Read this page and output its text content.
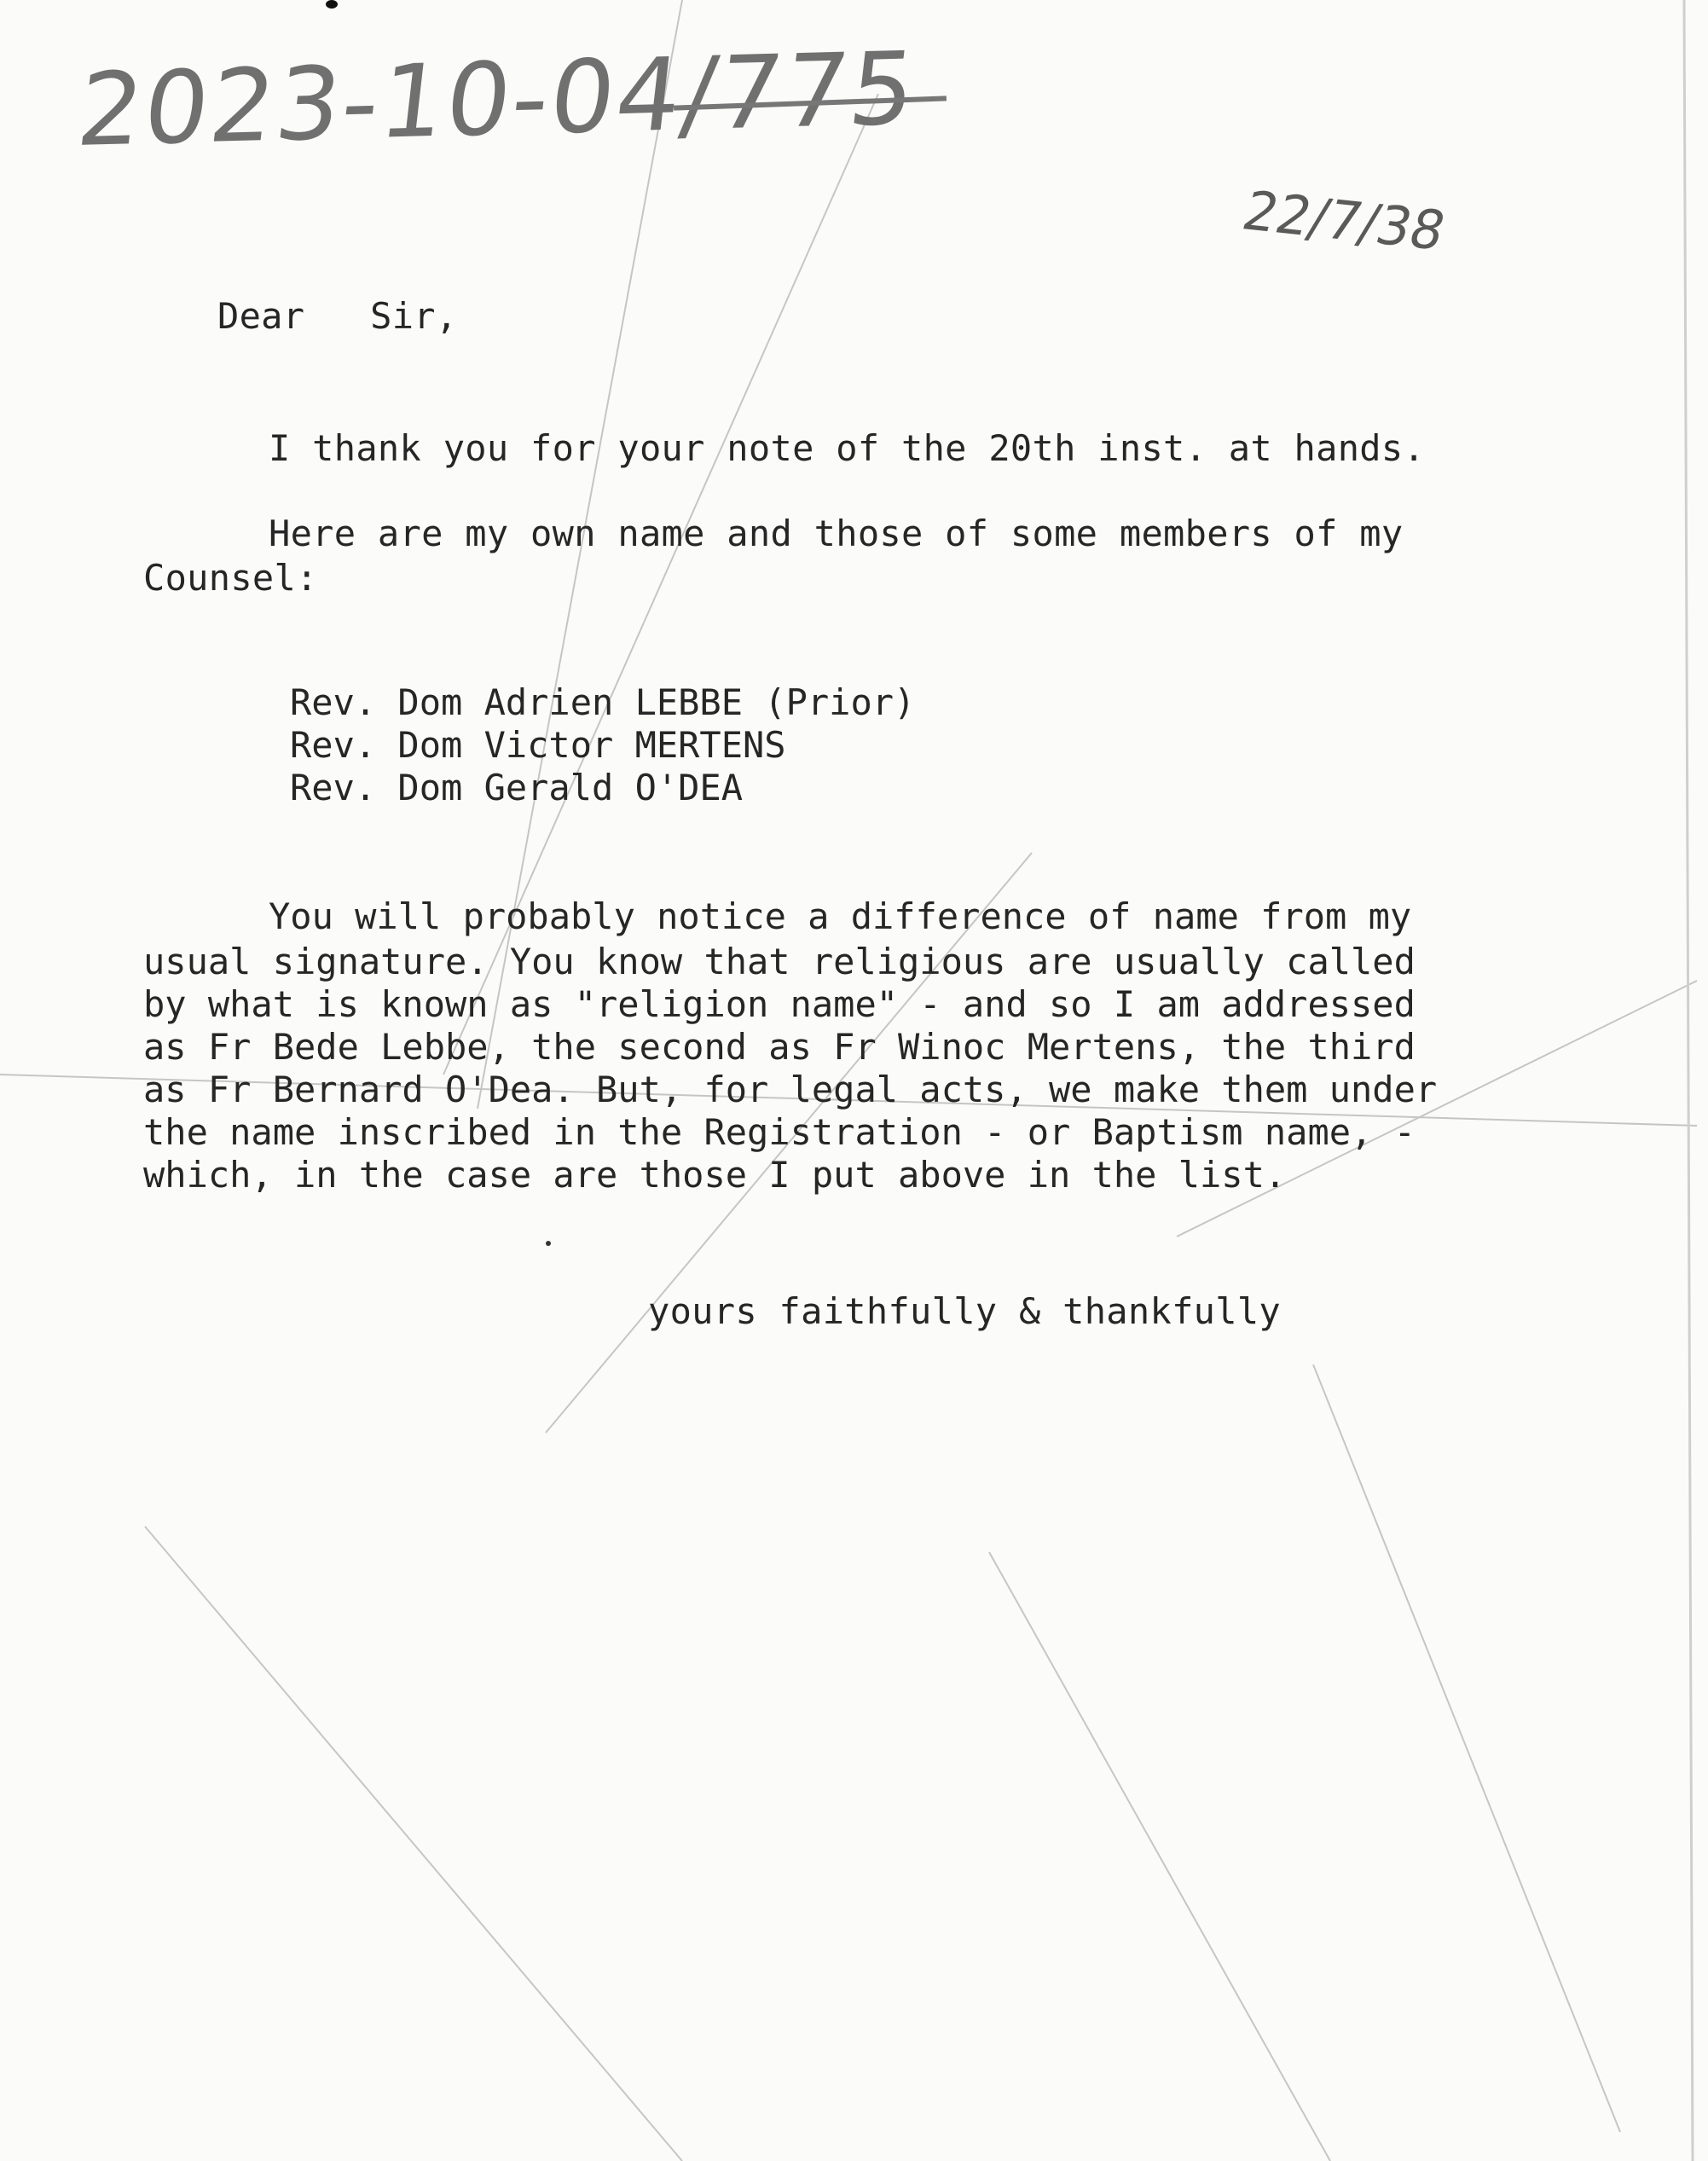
2023-10-04/775
22/7/38
Dear   Sir,
I thank you for your note of the 20th inst. at hands.
Here are my own name and those of some members of my
Counsel:
Rev. Dom Adrien LEBBE (Prior)
Rev. Dom Victor MERTENS
Rev. Dom Gerald O'DEA
You will probably notice a difference of name from my
usual signature. You know that religious are usually called
by what is known as "religion name" - and so I am addressed
as Fr Bede Lebbe, the second as Fr Winoc Mertens, the third
as Fr Bernard O'Dea. But, for legal acts, we make them under
the name inscribed in the Registration - or Baptism name, -
which, in the case are those I put above in the list.
yours faithfully & thankfully
